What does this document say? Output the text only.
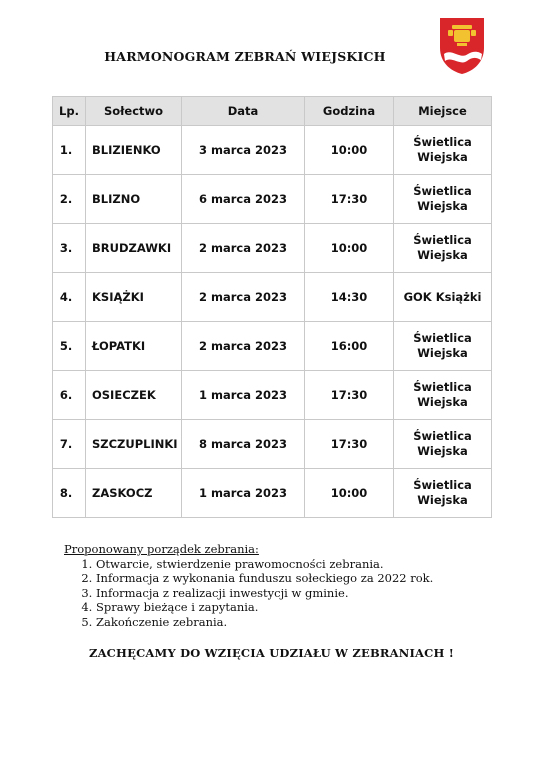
HARMONOGRAM ZEBRAŃ WIEJSKICH
Lp.	Sołectwo	Data	Godzina	Miejsce
1.	BLIZIENKO	3 marca 2023	10:00	Świetlica Wiejska
2.	BLIZNO	6 marca 2023	17:30	Świetlica Wiejska
3.	BRUDZAWKI	2 marca 2023	10:00	Świetlica Wiejska
4.	KSIĄŻKI	2 marca 2023	14:30	GOK Książki
5.	ŁOPATKI	2 marca 2023	16:00	Świetlica Wiejska
6.	OSIECZEK	1 marca 2023	17:30	Świetlica Wiejska
7.	SZCZUPLINKI	8 marca 2023	17:30	Świetlica Wiejska
8.	ZASKOCZ	1 marca 2023	10:00	Świetlica Wiejska
Proponowany porządek zebrania:
1. Otwarcie, stwierdzenie prawomocności zebrania.
2. Informacja z wykonania funduszu sołeckiego za 2022 rok.
3. Informacja z realizacji inwestycji w gminie.
4. Sprawy bieżące i zapytania.
5. Zakończenie zebrania.
ZACHĘCAMY DO WZIĘCIA UDZIAŁU W ZEBRANIACH !
